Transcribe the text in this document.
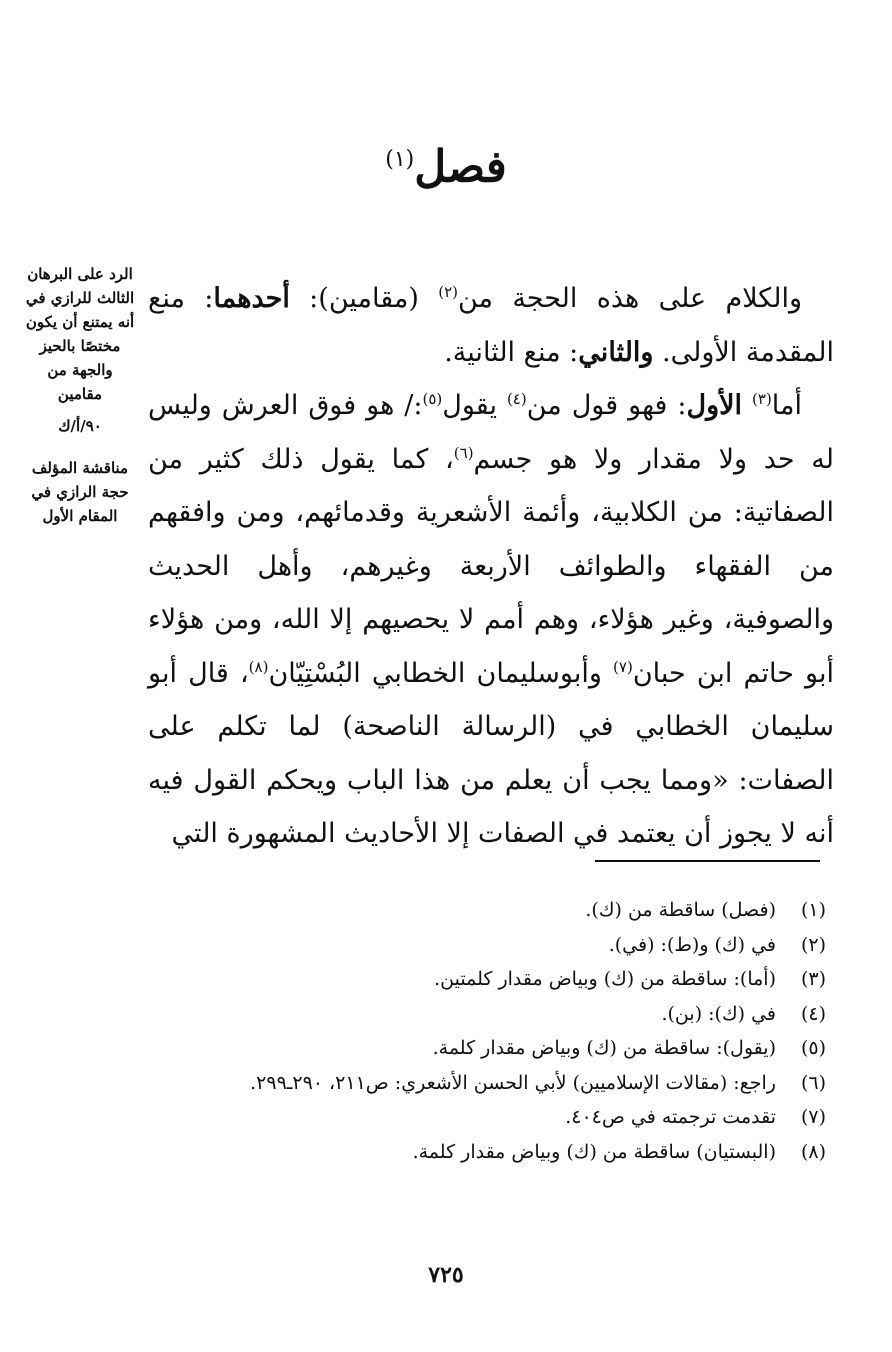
فصل$^{(١)}$
الرد على البرهان الثالث للرازي في أنه يمتنع أن يكون مختصًا بالحيز والجهة من مقامين
٩٠/أ/ك
مناقشة المؤلف حجة الرازي في المقام الأول

والكلام على هذه الحجة من$^{(٢)}$ (مقامين): أحدهما: منع المقدمة الأولى. والثاني: منع الثانية.

أما$^{(٣)}$ الأول: فهو قول من$^{(٤)}$ يقول$^{(٥)}$:/ هو فوق العرش وليس له حد ولا مقدار ولا هو جسم$^{(٦)}$، كما يقول ذلك كثير من الصفاتية: من الكلابية، وأئمة الأشعرية وقدمائهم، ومن وافقهم من الفقهاء والطوائف الأربعة وغيرهم، وأهل الحديث والصوفية، وغير هؤلاء، وهم أمم لا يحصيهم إلا الله، ومن هؤلاء أبو حاتم ابن حبان$^{(٧)}$ وأبوسليمان الخطابي البُسْتِيّان$^{(٨)}$، قال أبو سليمان الخطابي في (الرسالة الناصحة) لما تكلم على الصفات: «ومما يجب أن يعلم من هذا الباب ويحكم القول فيه أنه لا يجوز أن يعتمد في الصفات إلا الأحاديث المشهورة التي

(١)
(فصل) ساقطة من (ك).
(٢)
في (ك) و(ط): (في).
(٣)
(أما): ساقطة من (ك) وبياض مقدار كلمتين.
(٤)
في (ك): (بن).
(٥)
(يقول): ساقطة من (ك) وبياض مقدار كلمة.
(٦)
راجع: (مقالات الإسلاميين) لأبي الحسن الأشعري: ص٢١١، ٢٩٠ـ٢٩٩.
(٧)
تقدمت ترجمته في ص٤٠٤.
(٨)
(البستيان) ساقطة من (ك) وبياض مقدار كلمة.
٧٢٥
